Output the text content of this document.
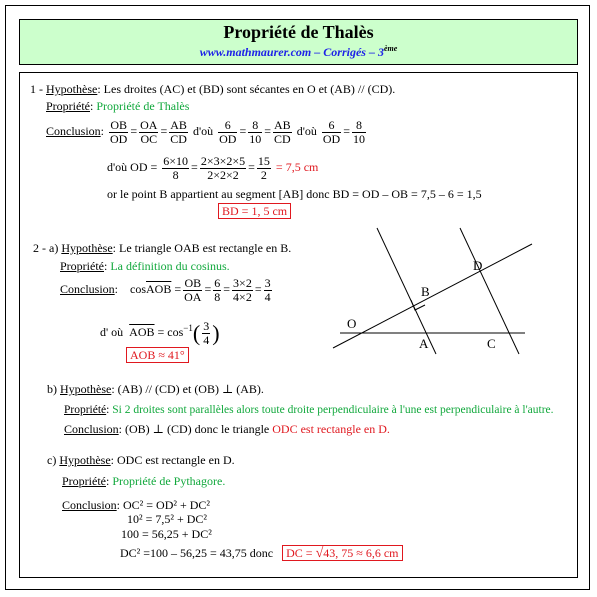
Propriété de Thalès
www.mathmaurer.com – Corrigés – 3ème
1 - Hypothèse: Les droites (AC) et (BD) sont sécantes en O et (AB) // (CD).
Propriété: Propriété de Thalès
Conclusion: $\frac{OB}{OD} = \frac{OA}{OC} = \frac{AB}{CD}$ d'où $\frac{6}{OD} = \frac{8}{10} = \frac{AB}{CD}$ d'où $\frac{6}{OD} = \frac{8}{10}$
d'où OD = $\frac{6\times 10}{8} = \frac{2\times 3\times 2\times 5}{2\times 2\times 2} = \frac{15}{2} = 7,5$ cm
or le point B appartient au segment [AB] donc BD = OD – OB = 7,5 – 6 = 1,5
BD = 1, 5 cm
2 - a) Hypothèse: Le triangle OAB est rectangle en B.
Propriété: La définition du cosinus.
Conclusion:    $\cos\overline{AOB} = \frac{OB}{OA} = \frac{6}{8} = \frac{3\times 2}{4\times 2} = \frac{3}{4}$
d' où $\overline{AOB} = \cos^{-1}( \frac{3}{4}$ )
$\overline{AOB} \approx 41^\circ$
O
A
B
C
D
b) Hypothèse: (AB) // (CD) et (OB) ⊥ (AB).
Propriété: Si 2 droites sont parallèles alors toute droite perpendiculaire à l'une est perpendiculaire à l'autre.
Conclusion: (OB) ⊥ (CD) donc le triangle ODC est rectangle en D.
c) Hypothèse: ODC est rectangle en D.
Propriété: Propriété de Pythagore.
Conclusion: OC² = OD² + DC²
10² = 7,5² + DC²
100 = 56,25 + DC²
DC² =100 – 56,25 = 43,75 donc DC = √43, 75 ≈ 6,6 cm
